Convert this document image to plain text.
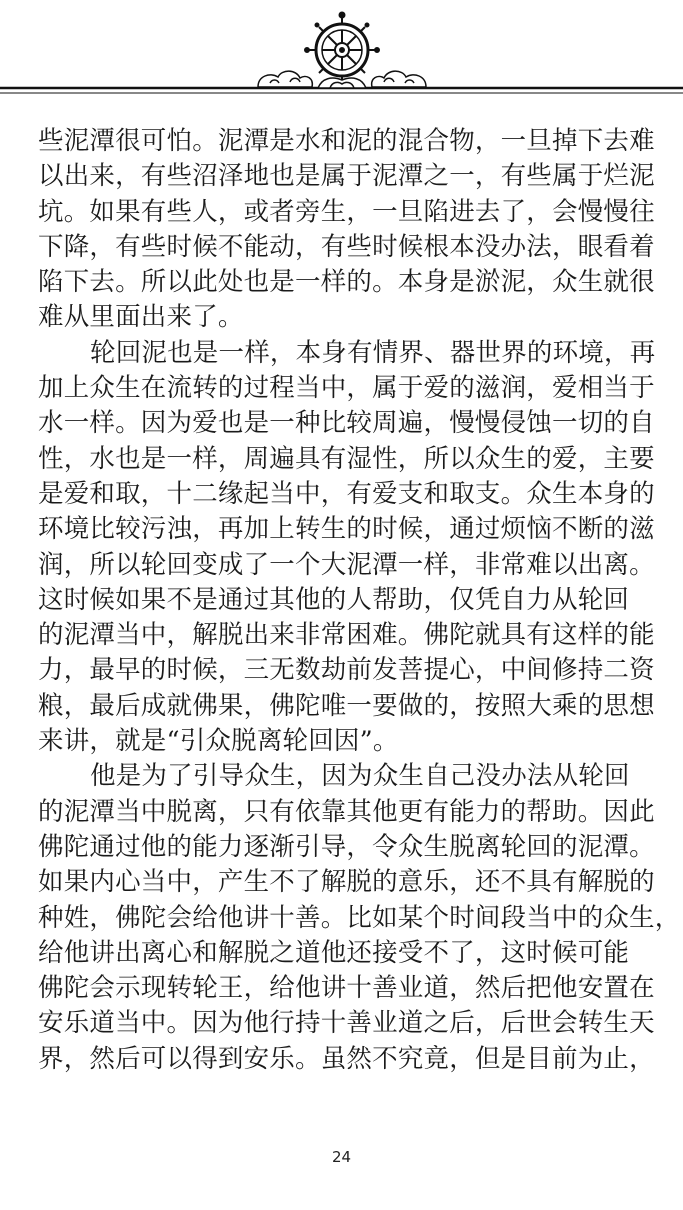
些泥潭很可怕。泥潭是水和泥的混合物，一旦掉下去难
以出来，有些沼泽地也是属于泥潭之一，有些属于烂泥
坑。如果有些人，或者旁生，一旦陷进去了，会慢慢往
下降，有些时候不能动，有些时候根本没办法，眼看着
陷下去。所以此处也是一样的。本身是淤泥，众生就很
难从里面出来了。
轮回泥也是一样，本身有情界、器世界的环境，再
加上众生在流转的过程当中，属于爱的滋润，爱相当于
水一样。因为爱也是一种比较周遍，慢慢侵蚀一切的自
性，水也是一样，周遍具有湿性，所以众生的爱，主要
是爱和取，十二缘起当中，有爱支和取支。众生本身的
环境比较污浊，再加上转生的时候，通过烦恼不断的滋
润，所以轮回变成了一个大泥潭一样，非常难以出离。
这时候如果不是通过其他的人帮助，仅凭自力从轮回
的泥潭当中，解脱出来非常困难。佛陀就具有这样的能
力，最早的时候，三无数劫前发菩提心，中间修持二资
粮，最后成就佛果，佛陀唯一要做的，按照大乘的思想
来讲，就是“引众脱离轮回因”。
他是为了引导众生，因为众生自己没办法从轮回
的泥潭当中脱离，只有依靠其他更有能力的帮助。因此
佛陀通过他的能力逐渐引导，令众生脱离轮回的泥潭。
如果内心当中，产生不了解脱的意乐，还不具有解脱的
种姓，佛陀会给他讲十善。比如某个时间段当中的众生，
给他讲出离心和解脱之道他还接受不了，这时候可能
佛陀会示现转轮王，给他讲十善业道，然后把他安置在
安乐道当中。因为他行持十善业道之后，后世会转生天
界，然后可以得到安乐。虽然不究竟，但是目前为止，
24
